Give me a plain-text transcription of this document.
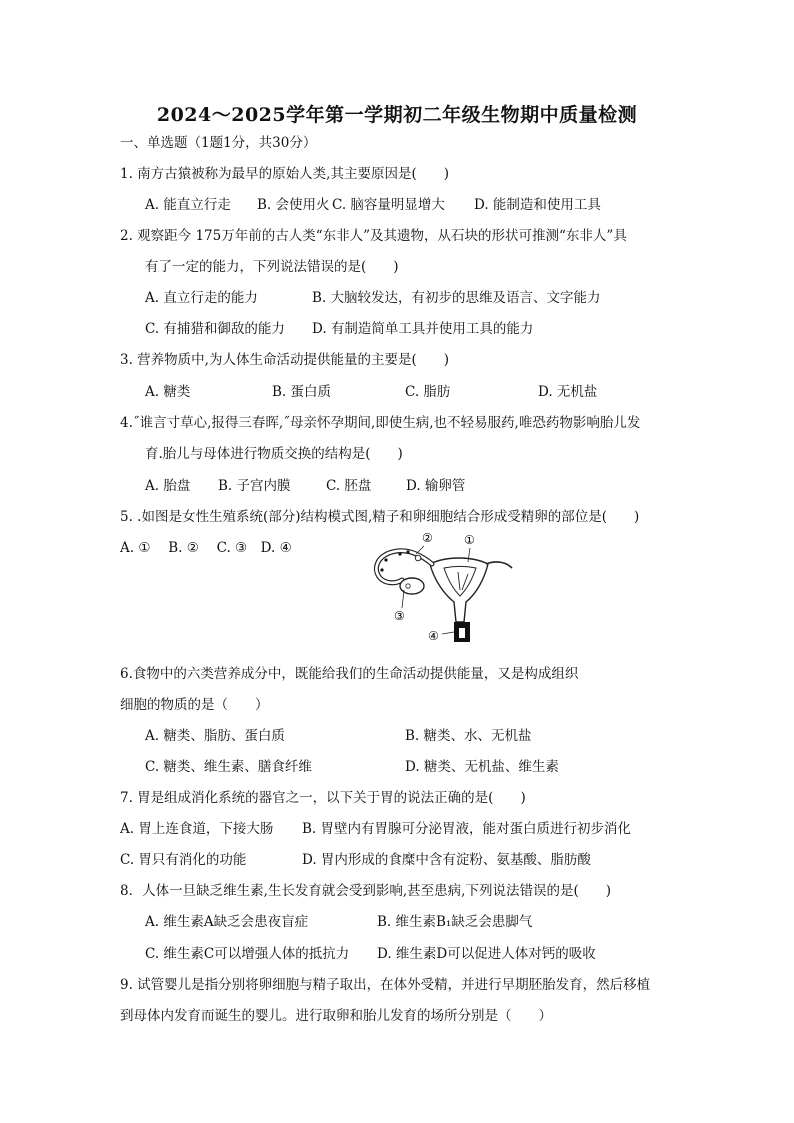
2024～2025学年第一学期初二年级生物期中质量检测
一、单选题（1题1分，共30分）
1. 南方古猿被称为最早的原始人类,其主要原因是(　　)
A. 能直立行走 B. 会使用火 C. 脑容量明显增大 D. 能制造和使用工具
2. 观察距今 175万年前的古人类“东非人”及其遗物，从石块的形状可推测“东非人”具
有了一定的能力，下列说法错误的是(　　)
A. 直立行走的能力	B. 大脑较发达，有初步的思维及语言、文字能力
C. 有捕猎和御敌的能力 D. 有制造简单工具并使用工具的能力
3. 营养物质中,为人体生命活动提供能量的主要是(　　)
A. 糖类	B. 蛋白质	C. 脂肪	D. 无机盐
4.˝谁言寸草心,报得三春晖,˝母亲怀孕期间,即使生病,也不轻易服药,唯恐药物影响胎儿发
育.胎儿与母体进行物质交换的结构是(　　)
A. 胎盘 B. 子宫内膜	C. 胚盘	D. 输卵管
5. .如图是女性生殖系统(部分)结构模式图,精子和卵细胞结合形成受精卵的部位是(　　)
A. ①　 B. ②　 C. ③　D. ④	①
②
③
④
6.食物中的六类营养成分中，既能给我们的生命活动提供能量，又是构成组织
细胞的物质的是（　　）
A. 糖类、脂肪、蛋白质	B. 糖类、水、无机盐
C. 糖类、维生素、膳食纤维	D. 糖类、无机盐、维生素
7. 胃是组成消化系统的器官之一，以下关于胃的说法正确的是(　　)
A. 胃上连食道，下接大肠 B. 胃壁内有胃腺可分泌胃液，能对蛋白质进行初步消化
C. 胃只有消化的功能	D. 胃内形成的食糜中含有淀粉、氨基酸、脂肪酸
8．人体一旦缺乏维生素,生长发育就会受到影响,甚至患病,下列说法错误的是(　　)
A. 维生素A缺乏会患夜盲症	B. 维生素B₁缺乏会患脚气
C. 维生素C可以增强人体的抵抗力 D. 维生素D可以促进人体对钙的吸收
9. 试管婴儿是指分别将卵细胞与精子取出，在体外受精，并进行早期胚胎发育，然后移植
到母体内发育而诞生的婴儿。进行取卵和胎儿发育的场所分别是（　　）
